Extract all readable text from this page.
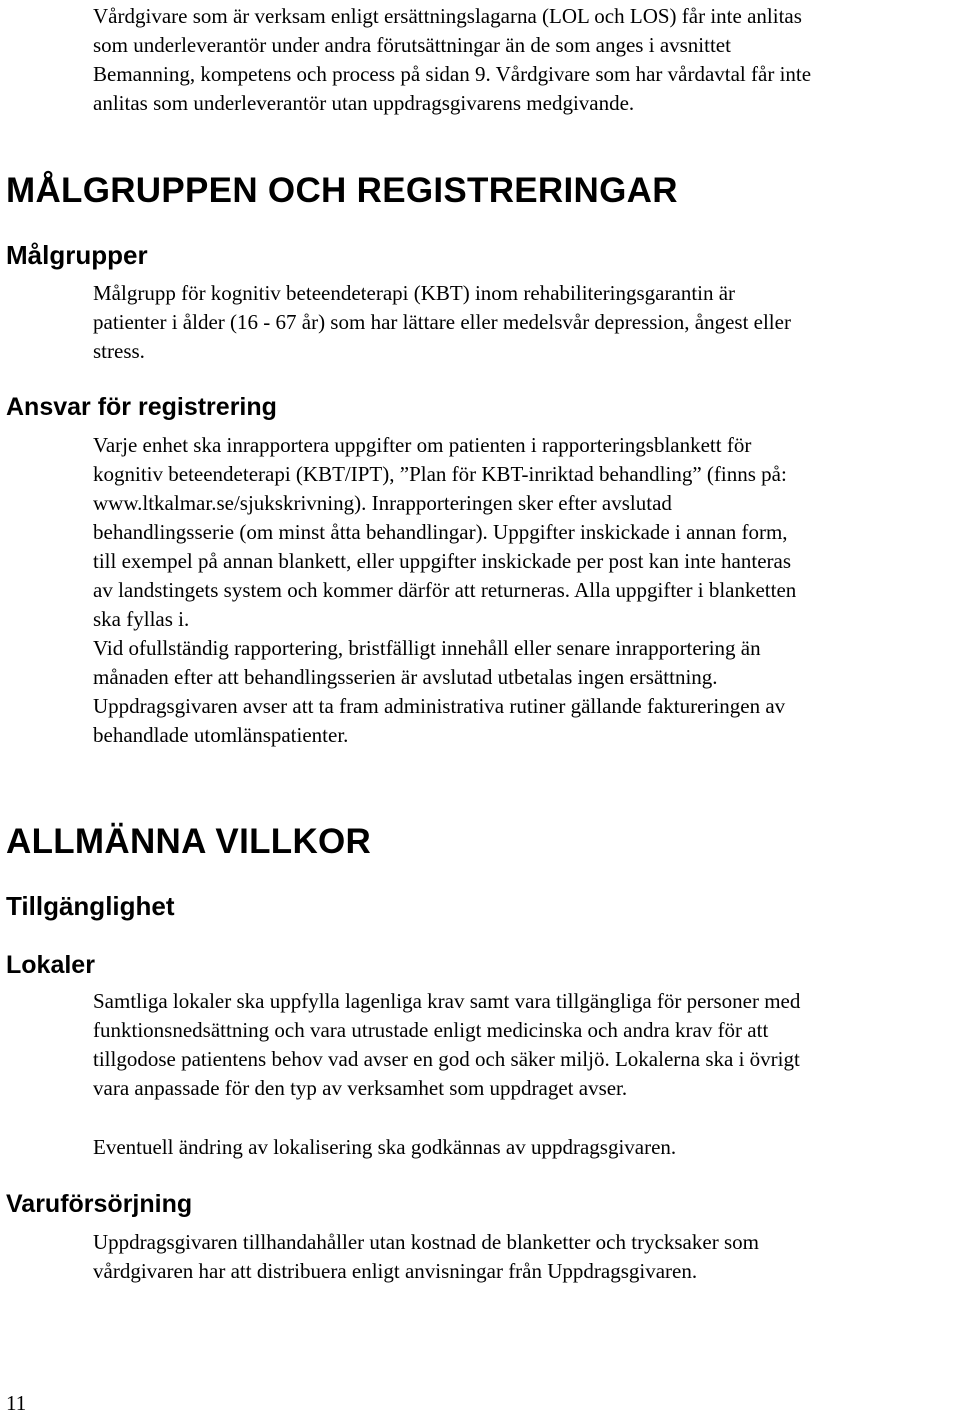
Vårdgivare som är verksam enligt ersättningslagarna (LOL och LOS) får inte anlitas
som underleverantör under andra förutsättningar än de som anges i avsnittet
Bemanning, kompetens och process på sidan 9. Vårdgivare som har vårdavtal får inte
anlitas som underleverantör utan uppdragsgivarens medgivande.
MÅLGRUPPEN OCH REGISTRERINGAR
Målgrupper
Målgrupp för kognitiv beteendeterapi (KBT) inom rehabiliteringsgarantin är
patienter i ålder (16 - 67 år) som har lättare eller medelsvår depression, ångest eller
stress.
Ansvar för registrering
Varje enhet ska inrapportera uppgifter om patienten i rapporteringsblankett för
kognitiv beteendeterapi (KBT/IPT), ”Plan för KBT-inriktad behandling” (finns på:
www.ltkalmar.se/sjukskrivning). Inrapporteringen sker efter avslutad
behandlingsserie (om minst åtta behandlingar). Uppgifter inskickade i annan form,
till exempel på annan blankett, eller uppgifter inskickade per post kan inte hanteras
av landstingets system och kommer därför att returneras. Alla uppgifter i blanketten
ska fyllas i.
Vid ofullständig rapportering, bristfälligt innehåll eller senare inrapportering än
månaden efter att behandlingsserien är avslutad utbetalas ingen ersättning.
Uppdragsgivaren avser att ta fram administrativa rutiner gällande faktureringen av
behandlade utomlänspatienter.
ALLMÄNNA VILLKOR
Tillgänglighet
Lokaler
Samtliga lokaler ska uppfylla lagenliga krav samt vara tillgängliga för personer med
funktionsnedsättning och vara utrustade enligt medicinska och andra krav för att
tillgodose patientens behov vad avser en god och säker miljö. Lokalerna ska i övrigt
vara anpassade för den typ av verksamhet som uppdraget avser.
Eventuell ändring av lokalisering ska godkännas av uppdragsgivaren.
Varuförsörjning
Uppdragsgivaren tillhandahåller utan kostnad de blanketter och trycksaker som
vårdgivaren har att distribuera enligt anvisningar från Uppdragsgivaren.
11
